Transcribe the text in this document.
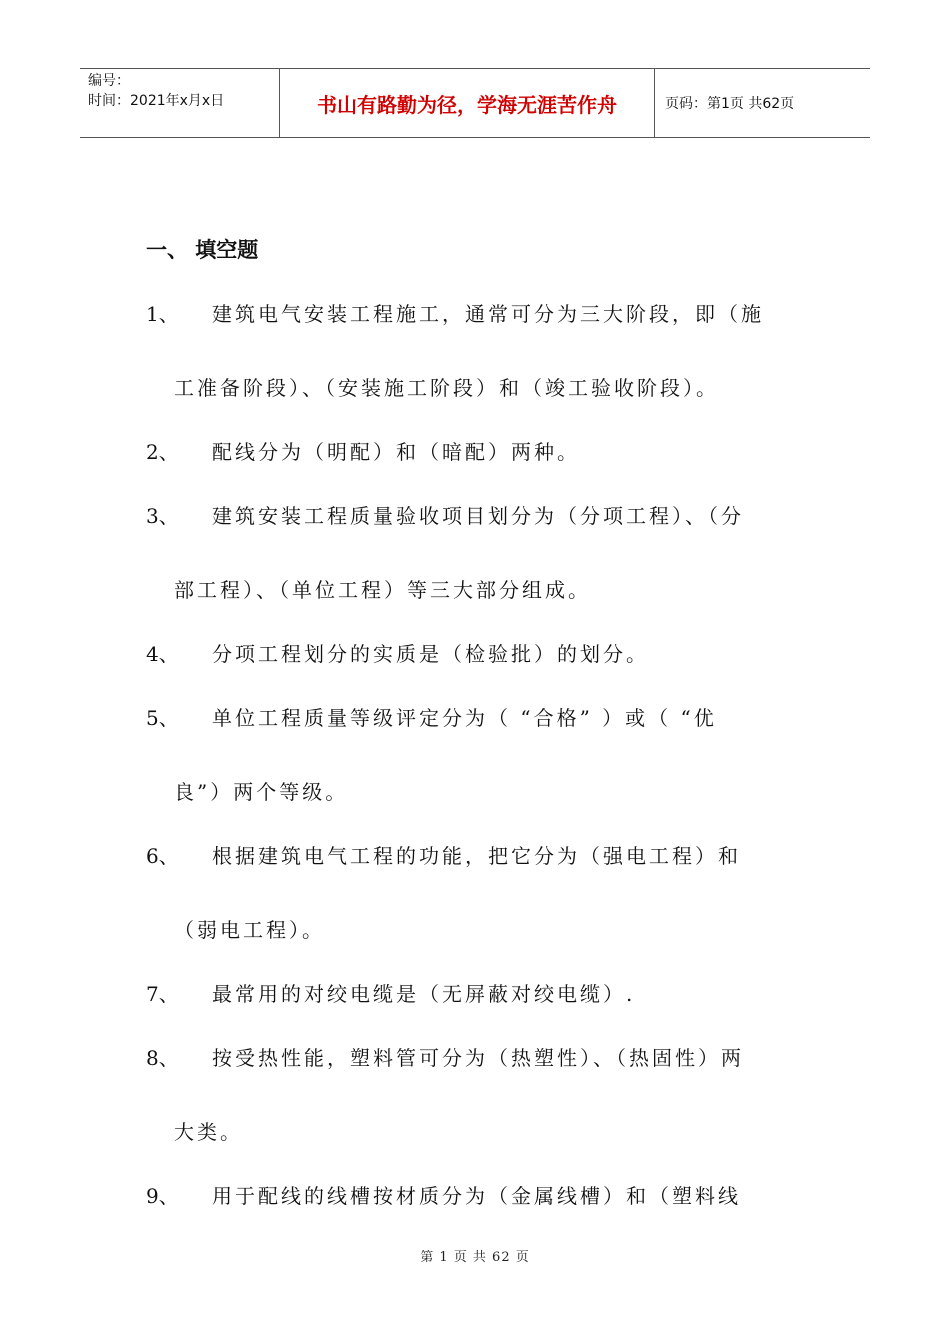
编号：
时间：2021年x月x日	书山有路勤为径，学海无涯苦作舟	页码：第1页 共62页
一、 填空题
1、 建筑电气安装工程施工，通常可分为三大阶段，即（施
工准备阶段）、（安装施工阶段）和（竣工验收阶段）。
2、 配线分为（明配）和（暗配）两种。
3、 建筑安装工程质量验收项目划分为（分项工程）、（分
部工程）、（单位工程）等三大部分组成。
4、 分项工程划分的实质是（检验批）的划分。
5、 单位工程质量等级评定分为（ “合格” ）或（ “优
良”）两个等级。
6、 根据建筑电气工程的功能，把它分为（强电工程）和
（弱电工程）。
7、 最常用的对绞电缆是（无屏蔽对绞电缆）.
8、 按受热性能，塑料管可分为（热塑性）、（热固性）两
大类。
9、 用于配线的线槽按材质分为（金属线槽）和（塑料线
第 1 页 共 62 页
